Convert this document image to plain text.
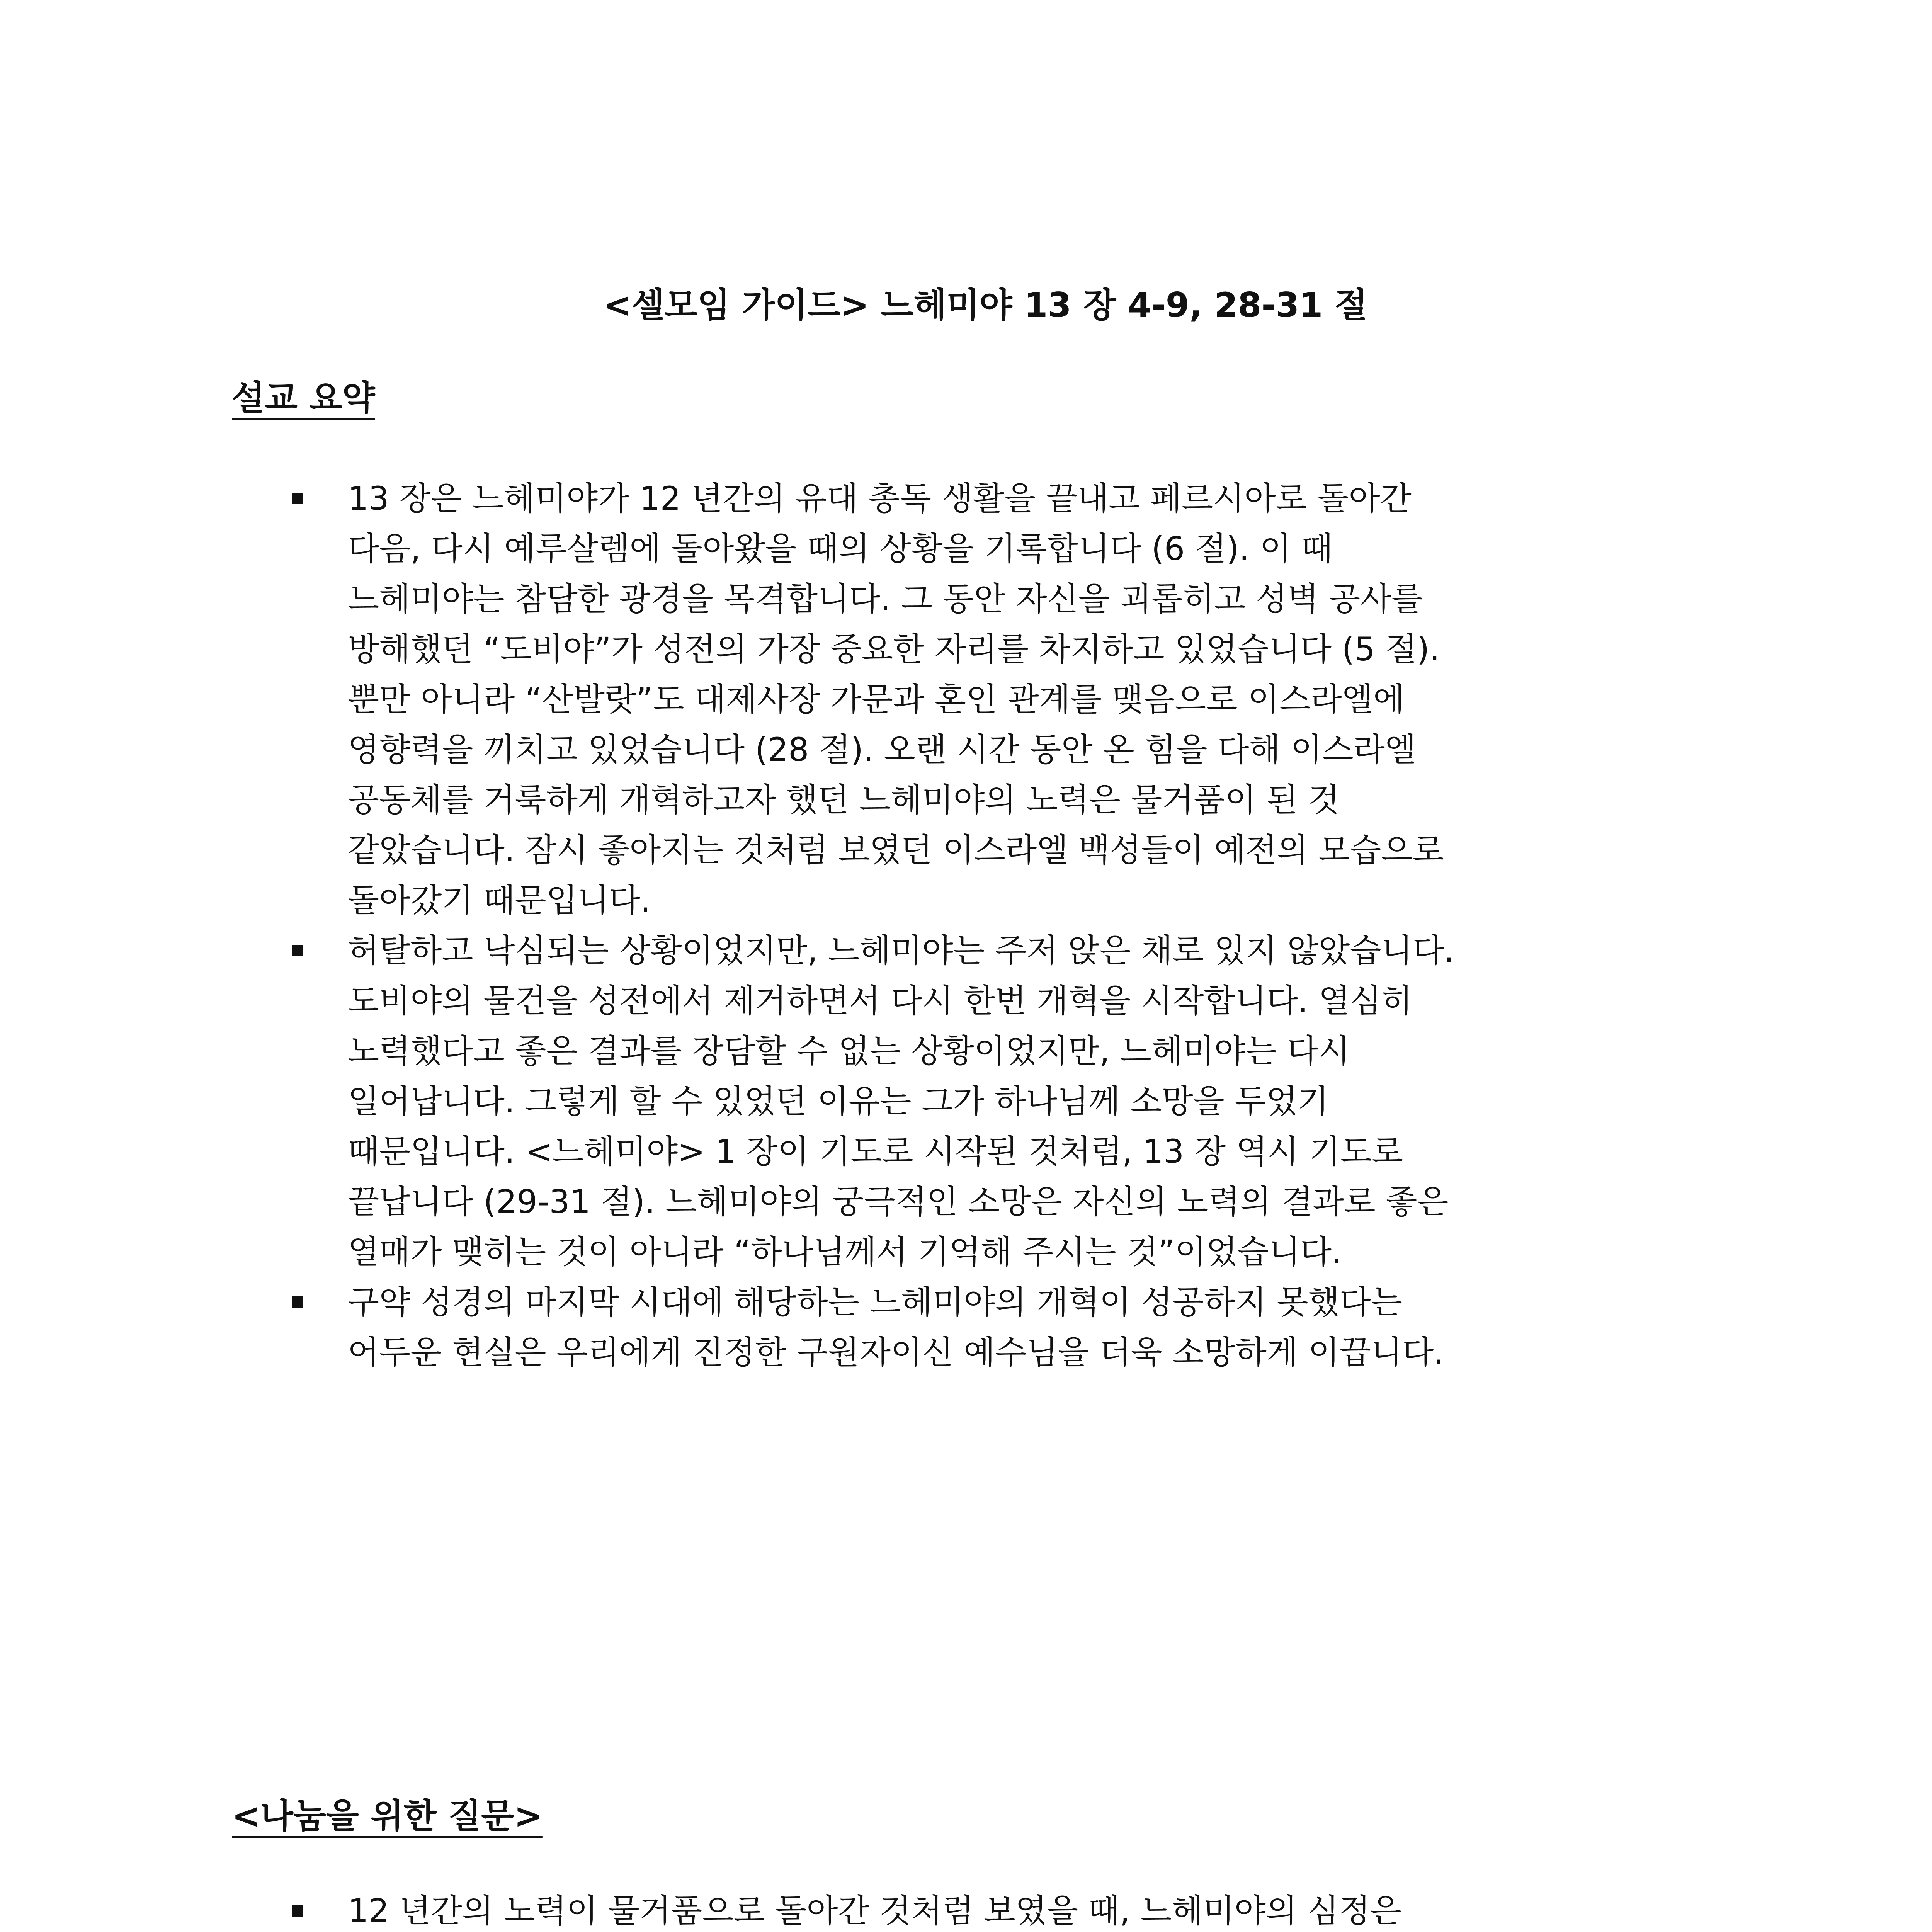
<셀모임 가이드> 느헤미야 13 장 4-9, 28-31 절
설교 요약
13 장은 느헤미야가 12 년간의 유대 총독 생활을 끝내고 페르시아로 돌아간
다음, 다시 예루살렘에 돌아왔을 때의 상황을 기록합니다 (6 절). 이 때
느헤미야는 참담한 광경을 목격합니다. 그 동안 자신을 괴롭히고 성벽 공사를
방해했던 “도비야”가 성전의 가장 중요한 자리를 차지하고 있었습니다 (5 절).
뿐만 아니라 “산발랏”도 대제사장 가문과 혼인 관계를 맺음으로 이스라엘에
영향력을 끼치고 있었습니다 (28 절). 오랜 시간 동안 온 힘을 다해 이스라엘
공동체를 거룩하게 개혁하고자 했던 느헤미야의 노력은 물거품이 된 것
같았습니다. 잠시 좋아지는 것처럼 보였던 이스라엘 백성들이 예전의 모습으로
돌아갔기 때문입니다.
허탈하고 낙심되는 상황이었지만, 느헤미야는 주저 앉은 채로 있지 않았습니다.
도비야의 물건을 성전에서 제거하면서 다시 한번 개혁을 시작합니다. 열심히
노력했다고 좋은 결과를 장담할 수 없는 상황이었지만, 느헤미야는 다시
일어납니다. 그렇게 할 수 있었던 이유는 그가 하나님께 소망을 두었기
때문입니다. <느헤미야> 1 장이 기도로 시작된 것처럼, 13 장 역시 기도로
끝납니다 (29-31 절). 느헤미야의 궁극적인 소망은 자신의 노력의 결과로 좋은
열매가 맺히는 것이 아니라 “하나님께서 기억해 주시는 것”이었습니다.
구약 성경의 마지막 시대에 해당하는 느헤미야의 개혁이 성공하지 못했다는
어두운 현실은 우리에게 진정한 구원자이신 예수님을 더욱 소망하게 이끕니다.
<나눔을 위한 질문>
12 년간의 노력이 물거품으로 돌아간 것처럼 보였을 때, 느헤미야의 심정은
